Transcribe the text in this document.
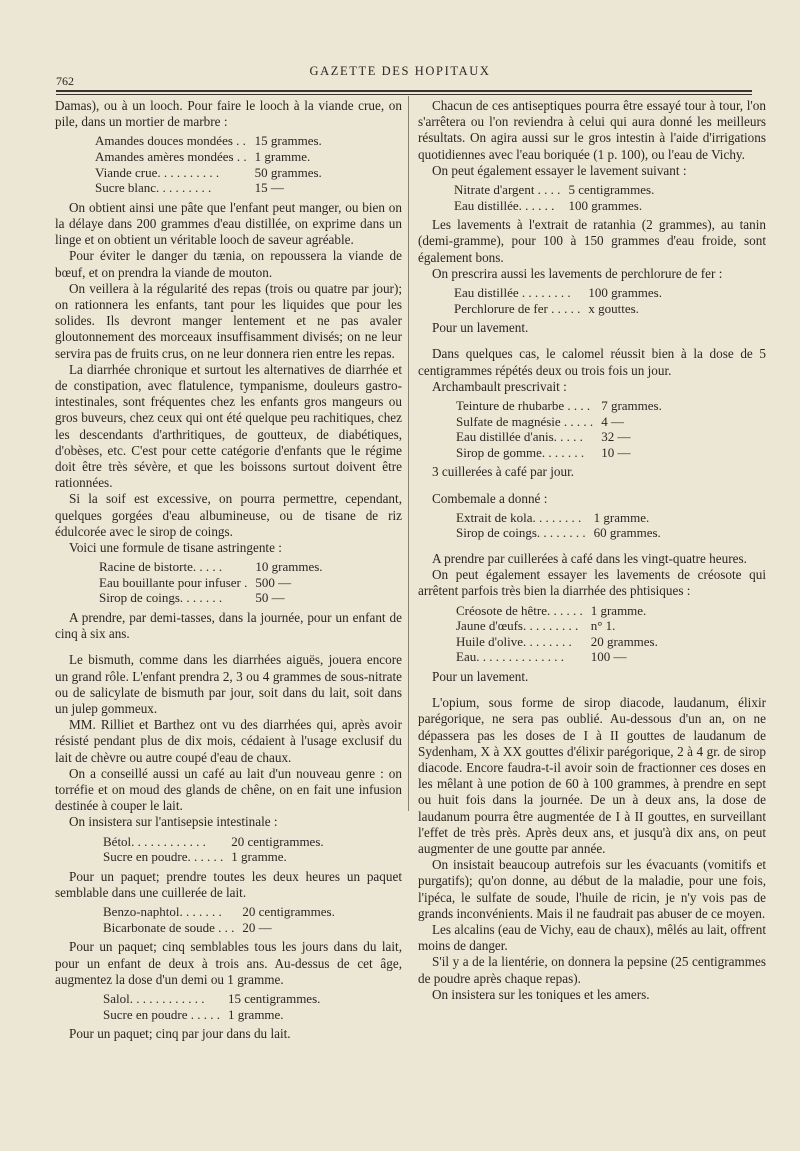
762
GAZETTE DES HOPITAUX

Damas), ou à un looch. Pour faire le looch à la viande crue, on pile, dans un mortier de marbre :

Amandes douces mondées . .	15 grammes.
Amandes amères mondées . .	1 gramme.
Viande crue. . . . . . . . . .	50 grammes.
Sucre blanc. . . . . . . . .	15 —

On obtient ainsi une pâte que l'enfant peut manger, ou bien on la délaye dans 200 grammes d'eau distillée, on exprime dans un linge et on obtient un véritable looch de saveur agréable.

Pour éviter le danger du tænia, on repoussera la viande de bœuf, et on prendra la viande de mouton.

On veillera à la régularité des repas (trois ou quatre par jour); on rationnera les enfants, tant pour les liquides que pour les solides. Ils devront manger lentement et ne pas avaler gloutonnement des morceaux insuffisamment divisés; on ne leur servira pas de fruits crus, on ne leur donnera rien entre les repas.

La diarrhée chronique et surtout les alternatives de diarrhée et de constipation, avec flatulence, tympanisme, douleurs gastro-intestinales, sont fréquentes chez les enfants gros mangeurs ou gros buveurs, chez ceux qui ont été quelque peu rachitiques, chez les descendants d'arthritiques, de goutteux, de diabétiques, d'obèses, etc. C'est pour cette catégorie d'enfants que le régime doit être très sévère, et que les boissons surtout doivent être rationnées.

Si la soif est excessive, on pourra permettre, cependant, quelques gorgées d'eau albumineuse, ou de tisane de riz édulcorée avec le sirop de coings.

Voici une formule de tisane astringente :

Racine de bistorte. . . . .	10 grammes.
Eau bouillante pour infuser .	500 —
Sirop de coings. . . . . . .	50 —

A prendre, par demi-tasses, dans la journée, pour un enfant de cinq à six ans.

Le bismuth, comme dans les diarrhées aiguës, jouera encore un grand rôle. L'enfant prendra 2, 3 ou 4 grammes de sous-nitrate ou de salicylate de bismuth par jour, soit dans du lait, soit dans un julep gommeux.

MM. Rilliet et Barthez ont vu des diarrhées qui, après avoir résisté pendant plus de dix mois, cédaient à l'usage exclusif du lait de chèvre ou autre coupé d'eau de chaux.

On a conseillé aussi un café au lait d'un nouveau genre : on torréfie et on moud des glands de chêne, on en fait une infusion destinée à couper le lait.

On insistera sur l'antisepsie intestinale :

Bétol. . . . . . . . . . . .	20 centigrammes.
Sucre en poudre. . . . . .	1 gramme.

Pour un paquet; prendre toutes les deux heures un paquet semblable dans une cuillerée de lait.

Benzo-naphtol. . . . . . .	20 centigrammes.
Bicarbonate de soude . . .	20 —

Pour un paquet; cinq semblables tous les jours dans du lait, pour un enfant de deux à trois ans. Au-dessus de cet âge, augmentez la dose d'un demi ou 1 gramme.

Salol. . . . . . . . . . . .	15 centigrammes.
Sucre en poudre . . . . .	1 gramme.

Pour un paquet; cinq par jour dans du lait.

Chacun de ces antiseptiques pourra être essayé tour à tour, l'on s'arrêtera ou l'on reviendra à celui qui aura donné les meilleurs résultats. On agira aussi sur le gros intestin à l'aide d'irrigations quotidiennes avec l'eau boriquée (1 p. 100), ou l'eau de Vichy.

On peut également essayer le lavement suivant :

Nitrate d'argent . . . .	5 centigrammes.
Eau distillée. . . . . .	100 grammes.

Les lavements à l'extrait de ratanhia (2 grammes), au tanin (demi-gramme), pour 100 à 150 grammes d'eau froide, sont également bons.

On prescrira aussi les lavements de perchlorure de fer :

Eau distillée . . . . . . . .	100 grammes.
Perchlorure de fer . . . . .	x gouttes.

Pour un lavement.

Dans quelques cas, le calomel réussit bien à la dose de 5 centigrammes répétés deux ou trois fois un jour.

Archambault prescrivait :

Teinture de rhubarbe . . . .	7 grammes.
Sulfate de magnésie . . . . .	4 —
Eau distillée d'anis. . . . .	32 —
Sirop de gomme. . . . . . .	10 —

3 cuillerées à café par jour.

Combemale a donné :

Extrait de kola. . . . . . . .	1 gramme.
Sirop de coings. . . . . . . .	60 grammes.

A prendre par cuillerées à café dans les vingt-quatre heures.

On peut également essayer les lavements de créosote qui arrêtent parfois très bien la diarrhée des phtisiques :

Créosote de hêtre. . . . . .	1 gramme.
Jaune d'œufs. . . . . . . . .	n° 1.
Huile d'olive. . . . . . . .	20 grammes.
Eau. . . . . . . . . . . . . .	100 —

Pour un lavement.

L'opium, sous forme de sirop diacode, laudanum, élixir parégorique, ne sera pas oublié. Au-dessous d'un an, on ne dépassera pas les doses de I à II gouttes de laudanum de Sydenham, X à XX gouttes d'élixir parégorique, 2 à 4 gr. de sirop diacode. Encore faudra-t-il avoir soin de fractionner ces doses en les mêlant à une potion de 60 à 100 grammes, à prendre en sept ou huit fois dans la journée. De un à deux ans, la dose de laudanum pourra être augmentée de I à II gouttes, en surveillant l'effet de très près. Après deux ans, et jusqu'à dix ans, on peut augmenter de une goutte par année.

On insistait beaucoup autrefois sur les évacuants (vomitifs et purgatifs); qu'on donne, au début de la maladie, pour une fois, l'ipéca, le sulfate de soude, l'huile de ricin, je n'y vois pas de grands inconvénients. Mais il ne faudrait pas abuser de ce moyen.

Les alcalins (eau de Vichy, eau de chaux), mêlés au lait, offrent moins de danger.

S'il y a de la lientérie, on donnera la pepsine (25 centigrammes de poudre après chaque repas).

On insistera sur les toniques et les amers.
